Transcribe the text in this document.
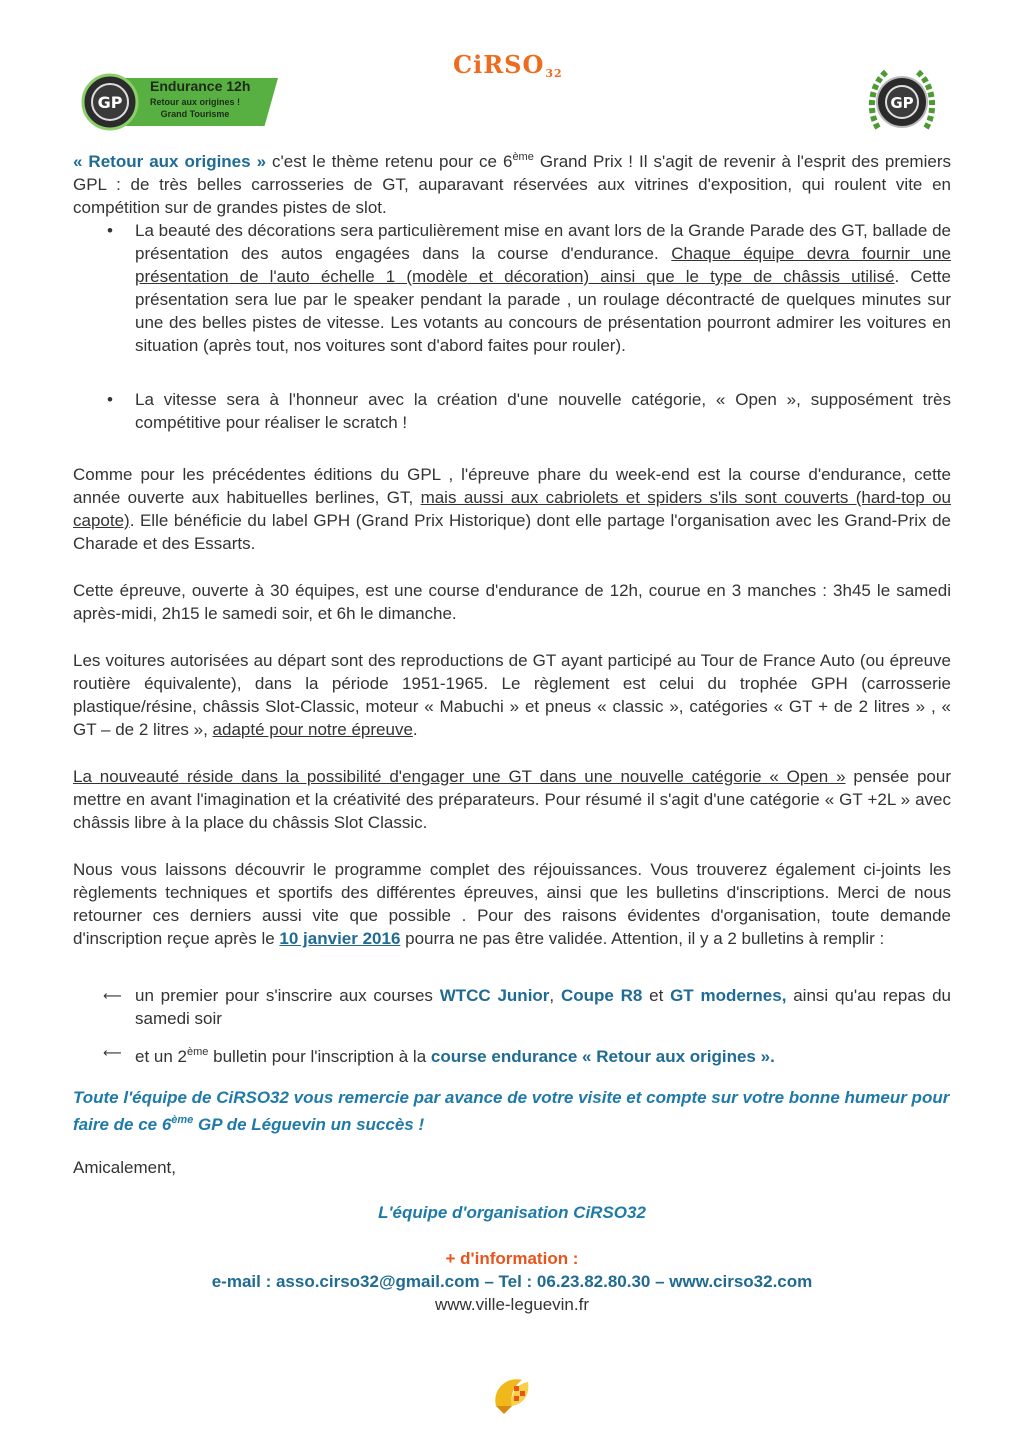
CiRSO32
GP
Endurance 12h
Retour aux origines !
Grand Tourisme
GP
« Retour aux origines » c'est le thème retenu pour ce 6ème Grand Prix ! Il s'agit de revenir à l'esprit des premiers GPL : de très belles carrosseries de GT, auparavant réservées aux vitrines d'exposition, qui roulent vite en compétition sur de grandes pistes de slot.
• La beauté des décorations sera particulièrement mise en avant lors de la Grande Parade des GT, ballade de présentation des autos engagées dans la course d'endurance. Chaque équipe devra fournir une présentation de l'auto échelle 1 (modèle et décoration) ainsi que le type de châssis utilisé. Cette présentation sera lue par le speaker pendant la parade , un roulage décontracté de quelques minutes sur une des belles pistes de vitesse. Les votants au concours de présentation pourront admirer les voitures en situation (après tout, nos voitures sont d'abord faites pour rouler).
• La vitesse sera à l'honneur avec la création d'une nouvelle catégorie, « Open », supposément très compétitive pour réaliser le scratch !
Comme pour les précédentes éditions du GPL , l'épreuve phare du week-end est la course d'endurance, cette année ouverte aux habituelles berlines, GT, mais aussi aux cabriolets et spiders s'ils sont couverts (hard-top ou capote). Elle bénéficie du label GPH (Grand Prix Historique) dont elle partage l'organisation avec les Grand-Prix de Charade et des Essarts.
Cette épreuve, ouverte à 30 équipes, est une course d'endurance de 12h, courue en 3 manches : 3h45 le samedi après-midi, 2h15 le samedi soir, et 6h le dimanche.
Les voitures autorisées au départ sont des reproductions de GT ayant participé au Tour de France Auto (ou épreuve routière équivalente), dans la période 1951-1965. Le règlement est celui du trophée GPH (carrosserie plastique/résine, châssis Slot-Classic, moteur « Mabuchi » et pneus « classic », catégories « GT + de 2 litres » , « GT – de 2 litres », adapté pour notre épreuve.
La nouveauté réside dans la possibilité d'engager une GT dans une nouvelle catégorie « Open » pensée pour mettre en avant l'imagination et la créativité des préparateurs. Pour résumé il s'agit d'une catégorie « GT +2L » avec châssis libre à la place du châssis Slot Classic.
Nous vous laissons découvrir le programme complet des réjouissances. Vous trouverez également ci-joints les règlements techniques et sportifs des différentes épreuves, ainsi que les bulletins d'inscriptions. Merci de nous retourner ces derniers aussi vite que possible . Pour des raisons évidentes d'organisation, toute demande d'inscription reçue après le 10 janvier 2016 pourra ne pas être validée. Attention, il y a 2 bulletins à remplir :
⟵ un premier pour s'inscrire aux courses WTCC Junior, Coupe R8 et GT modernes, ainsi qu'au repas du samedi soir
⟵ et un 2ème bulletin pour l'inscription à la course endurance « Retour aux origines ».
Toute l'équipe de CiRSO32 vous remercie par avance de votre visite et compte sur votre bonne humeur pour faire de ce 6ème GP de Léguevin un succès !
Amicalement,
L'équipe d'organisation CiRSO32
+ d'information :
e-mail : asso.cirso32@gmail.com – Tel : 06.23.82.80.30 – www.cirso32.com
www.ville-leguevin.fr
